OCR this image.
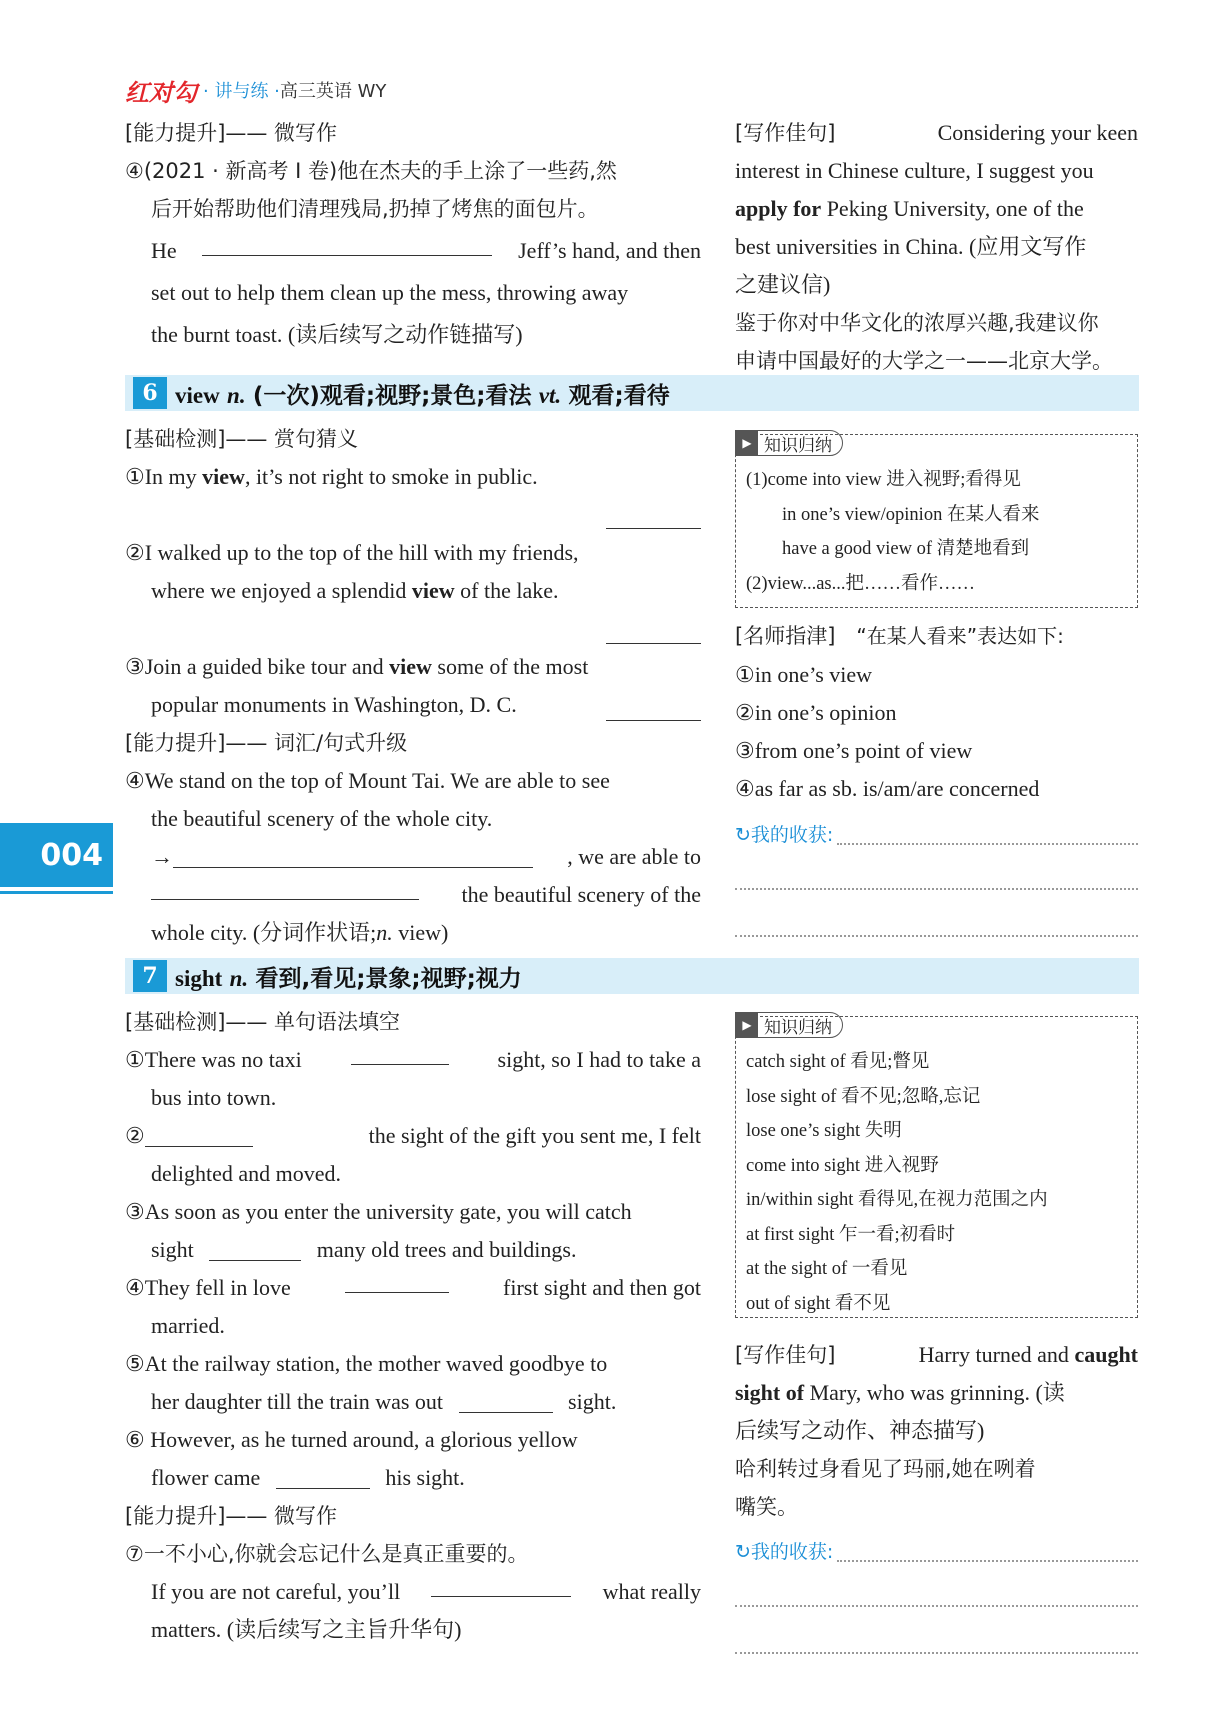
红对勾 · 讲与练 · 高三英语 WY
004
[能力提升]—— 微写作
④(2021 · 新高考 Ⅰ 卷)他在杰夫的手上涂了一些药,然
后开始帮助他们清理残局,扔掉了烤焦的面包片。
He	Jeff’s hand, and then
set out to help them clean up the mess, throwing away
the burnt toast. (读后续写之动作链描写)
[写作佳句]	Considering your keen
interest in Chinese culture, I suggest you
apply for Peking University, one of the
best universities in China. (应用文写作
之建议信)
鉴于你对中华文化的浓厚兴趣,我建议你
申请中国最好的大学之一——北京大学。
6 view n. (一次)观看;视野;景色;看法 vt. 观看;看待
[基础检测]—— 赏句猜义
①In my view, it’s not right to smoke in public.
②I walked up to the top of the hill with my friends,
where we enjoyed a splendid view of the lake.
③Join a guided bike tour and view some of the most
popular monuments in Washington, D. C.
[能力提升]—— 词汇/句式升级
④We stand on the top of Mount Tai. We are able to see
the beautiful scenery of the whole city.
→	, we are able to
the beautiful scenery of the
whole city. (分词作状语;n. view)
▶ 知识归纳
(1)come into view 进入视野;看得见
in one’s view/opinion 在某人看来
have a good view of 清楚地看到
(2)view...as...把……看作……
[名师指津] “在某人看来”表达如下:
①in one’s view
②in one’s opinion
③from one’s point of view
④as far as sb. is/am/are concerned
↻我的收获:
7 sight n. 看到,看见;景象;视野;视力
[基础检测]—— 单句语法填空
①There was no taxi	sight, so I had to take a
bus into town.
②	the sight of the gift you sent me, I felt
delighted and moved.
③As soon as you enter the university gate, you will catch
sight	many old trees and buildings.
④They fell in love	first sight and then got
married.
⑤At the railway station, the mother waved goodbye to
her daughter till the train was out	sight.
⑥ However, as he turned around, a glorious yellow
flower came	his sight.
[能力提升]—— 微写作
⑦一不小心,你就会忘记什么是真正重要的。
If you are not careful, you’ll	what really
matters. (读后续写之主旨升华句)
▶ 知识归纳
catch sight of 看见;瞥见
lose sight of 看不见;忽略,忘记
lose one’s sight 失明
come into sight 进入视野
in/within sight 看得见,在视力范围之内
at first sight 乍一看;初看时
at the sight of 一看见
out of sight 看不见
[写作佳句]	Harry turned and caught
sight of Mary, who was grinning. (读
后续写之动作、神态描写)
哈利转过身看见了玛丽,她在咧着
嘴笑。
↻我的收获:
